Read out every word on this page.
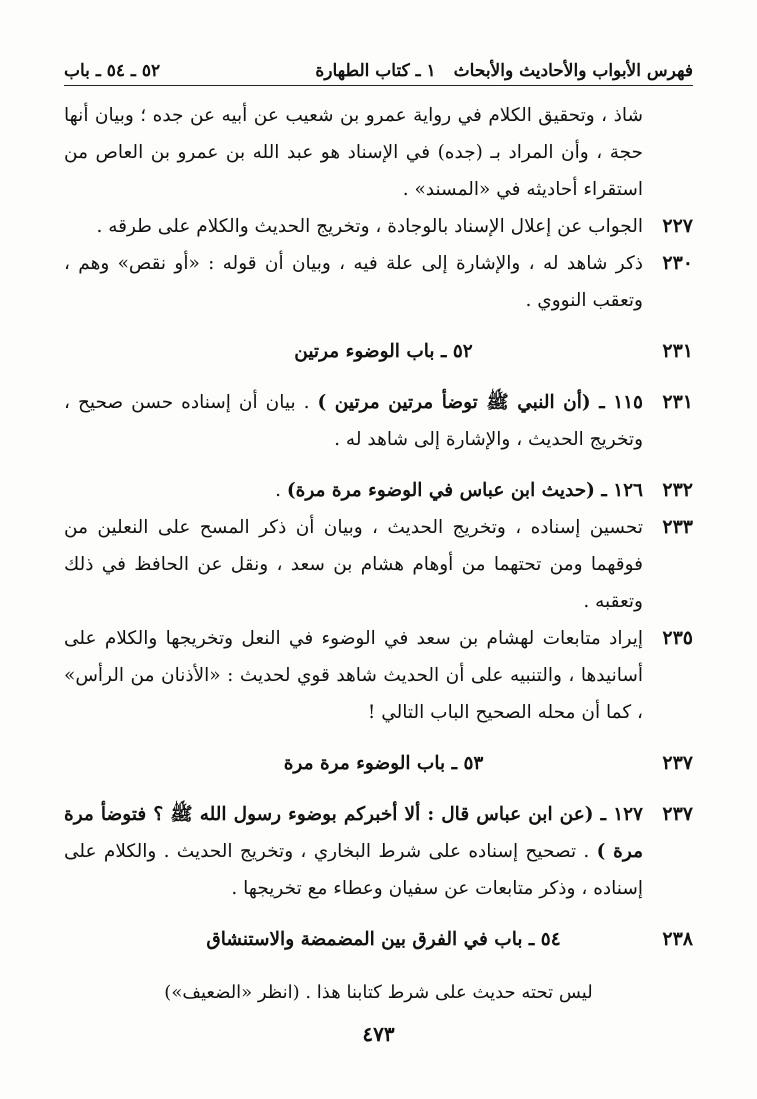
فهرس الأبواب والأحاديث والأبحاث
١ ـ كتاب الطهارة
٥٢ ـ ٥٤ ـ باب
شاذ ، وتحقيق الكلام في رواية عمرو بن شعيب عن أبيه عن جده ؛ وبيان أنها حجة ، وأن المراد بـ (جده) في الإسناد هو عبد الله بن عمرو بن العاص من استقراء أحاديثه في «المسند» .
٢٢٧
الجواب عن إعلال الإسناد بالوجادة ، وتخريج الحديث والكلام على طرقه .
٢٣٠
ذكر شاهد له ، والإشارة إلى علة فيه ، وبيان أن قوله : «أو نقص» وهم ، وتعقب النووي .
٢٣١
٥٢ ـ باب الوضوء مرتين
٢٣١
١١٥ ـ (أن النبي ﷺ توضأ مرتين مرتين ) . بيان أن إسناده حسن صحيح ، وتخريج الحديث ، والإشارة إلى شاهد له .
٢٣٢
١٢٦ ـ (حديث ابن عباس في الوضوء مرة مرة) .
٢٣٣
تحسين إسناده ، وتخريج الحديث ، وبيان أن ذكر المسح على النعلين من فوقهما ومن تحتهما من أوهام هشام بن سعد ، ونقل عن الحافظ في ذلك وتعقبه .
٢٣٥
إيراد متابعات لهشام بن سعد في الوضوء في النعل وتخريجها والكلام على أسانيدها ، والتنبيه على أن الحديث شاهد قوي لحديث : «الأذنان من الرأس» ، كما أن محله الصحيح الباب التالي !
٢٣٧
٥٣ ـ باب الوضوء مرة مرة
٢٣٧
١٢٧ ـ (عن ابن عباس قال : ألا أخبركم بوضوء رسول الله ﷺ ؟ فتوضأ مرة مرة ) . تصحيح إسناده على شرط البخاري ، وتخريج الحديث . والكلام على إسناده ، وذكر متابعات عن سفيان وعطاء مع تخريجها .
٢٣٨
٥٤ ـ باب في الفرق بين المضمضة والاستنشاق
ليس تحته حديث على شرط كتابنا هذا . (انظر «الضعيف»)
٤٧٣
